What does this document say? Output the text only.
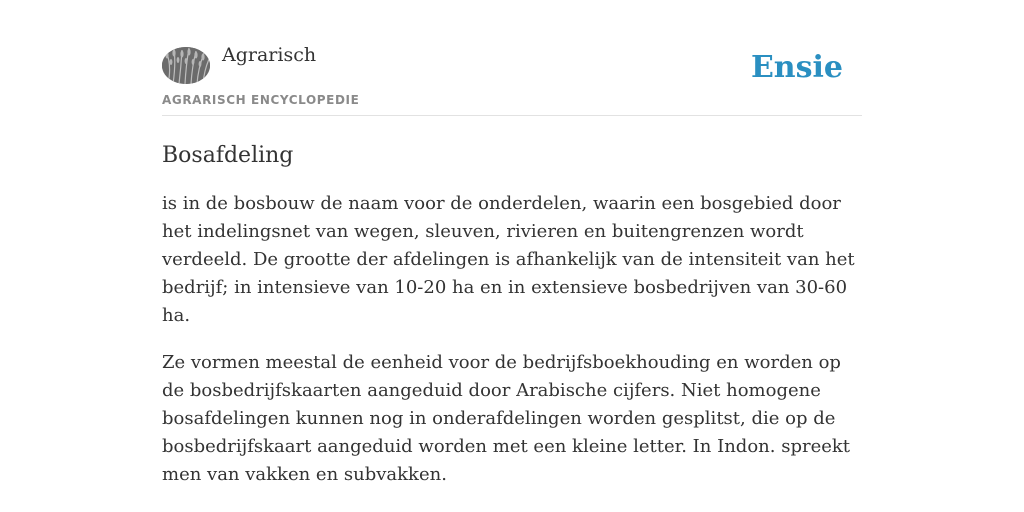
Agrarisch
AGRARISCH ENCYCLOPEDIE
Ensie
Bosafdeling

is in de bosbouw de naam voor de onderdelen, waarin een bosgebied door het indelingsnet van wegen, sleuven, rivieren en buitengrenzen wordt verdeeld. De grootte der afdelingen is afhankelijk van de intensiteit van het bedrijf; in intensieve van 10-20 ha en in extensieve bosbedrijven van 30-60 ha.

Ze vormen meestal de eenheid voor de bedrijfsboekhouding en worden op de bosbedrijfskaarten aangeduid door Arabische cijfers. Niet homogene bosafdelingen kunnen nog in onderafdelingen worden gesplitst, die op de bosbedrijfskaart aangeduid worden met een kleine letter. In Indon. spreekt men van vakken en subvakken.
